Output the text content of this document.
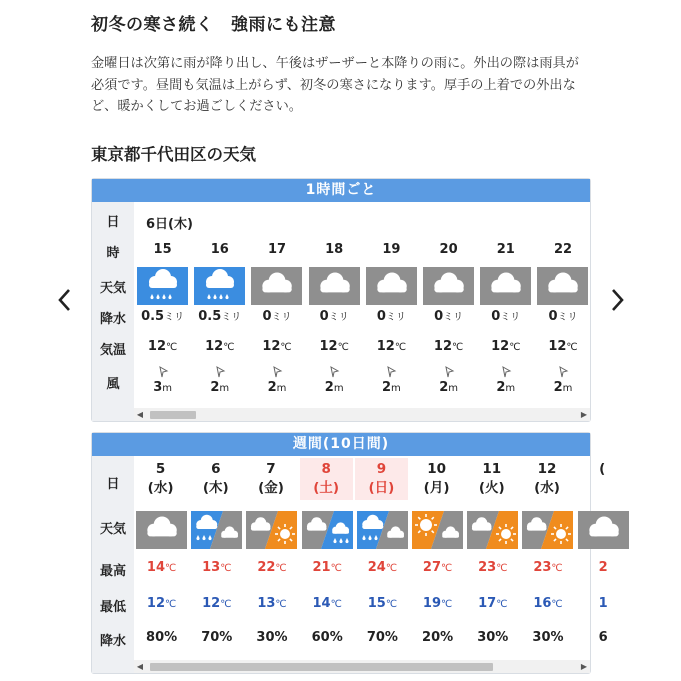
初冬の寒さ続く　強雨にも注意
金曜日は次第に雨が降り出し、午後はザーザーと本降りの雨に。外出の際は雨具が必須です。昼間も気温は上がらず、初冬の寒さになります。厚手の上着での外出など、暖かくしてお過ごしください。
東京都千代田区の天気
1時間ごと
日
時
天気
降水
気温
風
6日(木)
15
0.5ミリ
12℃
3m
16
0.5ミリ
12℃
2m
17
0ミリ
12℃
2m
18
0ミリ
12℃
2m
19
0ミリ
12℃
2m
20
0ミリ
12℃
2m
21
0ミリ
12℃
2m
22
0ミリ
12℃
2m
◀	▶
週間(10日間)
日
天気
最高
最低
降水
5
(水)
14℃
12℃
80%
6
(木)
13℃
12℃
70%
7
(金)
22℃
13℃
30%
8
(土)
21℃
14℃
60%
9
(日)
24℃
15℃
70%
10
(月)
27℃
19℃
20%
11
(火)
23℃
17℃
30%
12
(水)
23℃
16℃
30%
(
2
1
6
◀	▶
